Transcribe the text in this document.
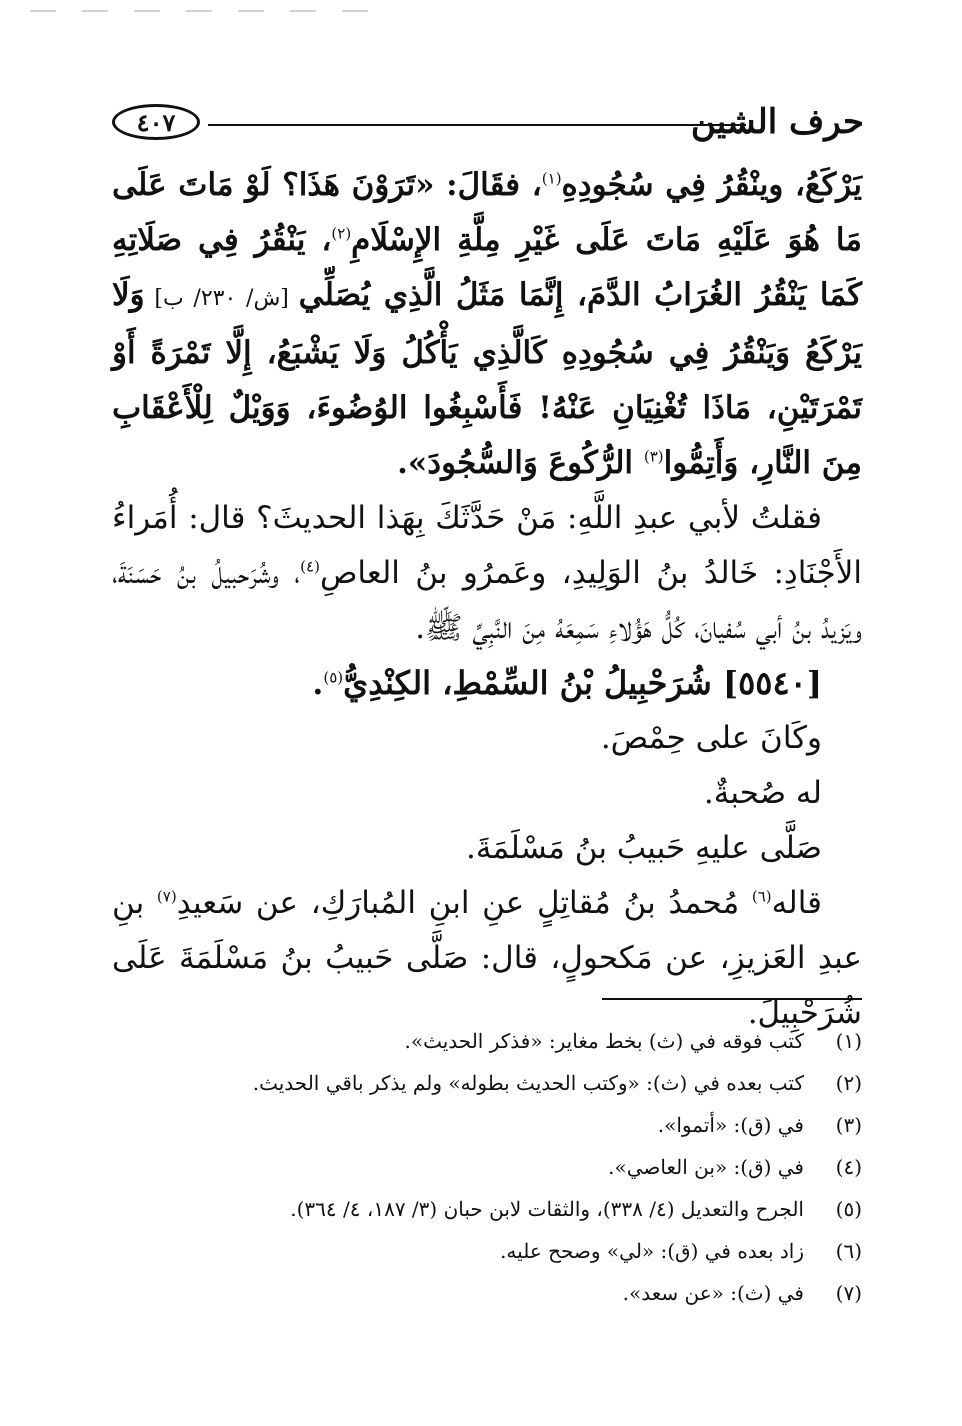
حرف الشين
٤٠٧

يَرْكَعُ، وينْقُرُ فِي سُجُودِهِ$^{(١)}$، فقَالَ: «تَرَوْنَ هَذَا؟ لَوْ مَاتَ عَلَى مَا هُوَ عَلَيْهِ مَاتَ عَلَى غَيْرِ مِلَّةِ الإِسْلَامِ$^{(٢)}$، يَنْقُرُ فِي صَلَاتِهِ كَمَا يَنْقُرُ الغُرَابُ الدَّمَ، إِنَّمَا مَثَلُ الَّذِي يُصَلِّي [ش/ ٢٣٠/ ب] وَلَا يَرْكَعُ وَيَنْقُرُ فِي سُجُودِهِ كَالَّذِي يَأْكُلُ وَلَا يَشْبَعُ، إِلَّا تَمْرَةً أَوْ تَمْرَتَيْنِ، مَاذَا تُغْنِيَانِ عَنْهُ! فَأَسْبِغُوا الوُضُوءَ، وَوَيْلٌ لِلْأَعْقَابِ مِنَ النَّارِ، وَأَتِمُّوا$^{(٣)}$ الرُّكُوعَ وَالسُّجُودَ».

فقلتُ لأبي عبدِ اللَّهِ: مَنْ حَدَّثَكَ بِهَذا الحديثَ؟ قال: أُمَراءُ الأَجْنَادِ: خَالدُ بنُ الوَلِيدِ، وعَمرُو بنُ العاصِ$^{(٤)}$، وشُرَحبيلُ بنُ حَسَنَةَ، ويَزيدُ بنُ أبي سُفيانَ، كُلُّ هَؤُلاءِ سَمِعَهُ مِنَ النَّبِيِّ ﷺ.

[٥٥٤٠] شُرَحْبِيلُ بْنُ السِّمْطِ، الكِنْدِيُّ$^{(٥)}$.

وكَانَ على حِمْصَ.

له صُحبةٌ.

صَلَّى عليهِ حَبيبُ بنُ مَسْلَمَةَ.

قاله$^{(٦)}$ مُحمدُ بنُ مُقاتِلٍ عنِ ابنِ المُبارَكِ، عن سَعيدِ$^{(٧)}$ بنِ عبدِ العَزيزِ، عن مَكحولٍ، قال: صَلَّى حَبيبُ بنُ مَسْلَمَةَ عَلَى شُرَحْبِيلَ.

(١)
كتب فوقه في (ث) بخط مغاير: «فذكر الحديث».
(٢)
كتب بعده في (ث): «وكتب الحديث بطوله» ولم يذكر باقي الحديث.
(٣)
في (ق): «أتموا».
(٤)
في (ق): «بن العاصي».
(٥)
الجرح والتعديل (٤/ ٣٣٨)، والثقات لابن حبان (٣/ ١٨٧، ٤/ ٣٦٤).
(٦)
زاد بعده في (ق): «لي» وصحح عليه.
(٧)
في (ث): «عن سعد».
